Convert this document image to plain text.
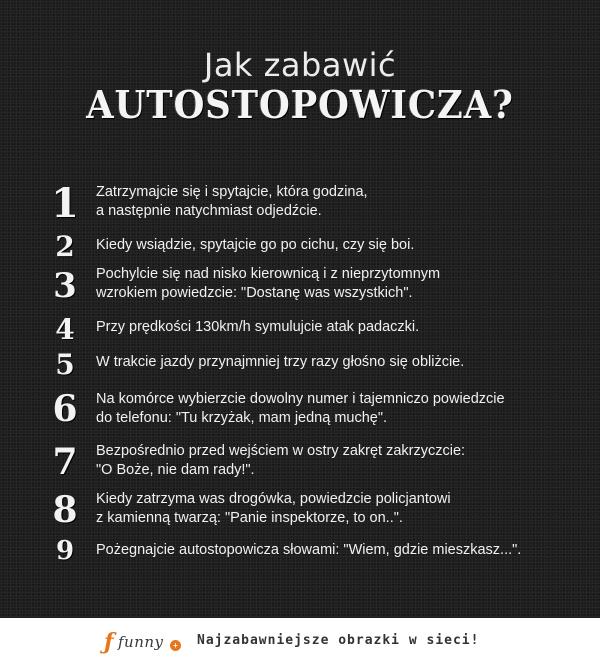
Jak zabawić
AUTOSTOPOWICZA?
1	Zatrzymajcie się i spytajcie, która godzina,
a następnie natychmiast odjedźcie.
2	Kiedy wsiądzie, spytajcie go po cichu, czy się boi.
3	Pochylcie się nad nisko kierownicą i z nieprzytomnym
wzrokiem powiedzcie: "Dostanę was wszystkich".
4	Przy prędkości 130km/h symulujcie atak padaczki.
5	W trakcie jazdy przynajmniej trzy razy głośno się obliżcie.
6	Na komórce wybierzcie dowolny numer i tajemniczo powiedzcie
do telefonu: "Tu krzyżak, mam jedną muchę".
7	Bezpośrednio przed wejściem w ostry zakręt zakrzyczcie:
"O Boże, nie dam rady!".
8	Kiedy zatrzyma was drogówka, powiedzcie policjantowi
z kamienną twarzą: "Panie inspektorze, to on..".
9	Pożegnajcie autostopowicza słowami: "Wiem, gdzie mieszkasz...".
ƒ funny	+ Najzabawniejsze obrazki w sieci!
